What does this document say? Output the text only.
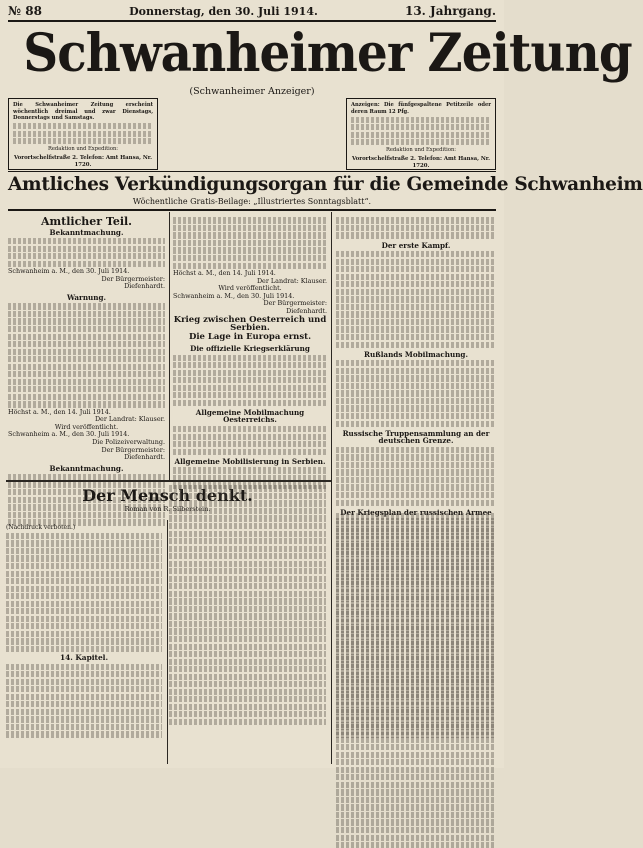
№ 88	Donnerstag, den 30. Juli 1914.	13. Jahrgang.
Schwanheimer Zeitung
(Schwanheimer Anzeiger)
Die Schwanheimer Zeitung erscheint wöchentlich dreimal und zwar Dienstags, Donnerstags und Samstags.
Redaktion und Expedition:
Vorortschelfstraße 2. Telefon: Amt Hansa, Nr. 1720.
Anzeigen: Die fünfgespaltene Petitzeile oder deren Raum 12 Pfg.
Redaktion und Expedition:
Vorortschelfstraße 2. Telefon: Amt Hansa, Nr. 1720.
Amtliches Verkündigungsorgan für die Gemeinde Schwanheim
Wöchentliche Gratis-Beilage: „Illustriertes Sonntagsblatt“.
Amtlicher Teil.
Bekanntmachung.
Schwanheim a. M., den 30. Juli 1914.
Der Bürgermeister:
Diefenhardt.
Warnung.
Höchst a. M., den 14. Juli 1914.
Der Landrat: Klauser.
Wird veröffentlicht.
Schwanheim a. M., den 30. Juli 1914.
Die Polizeiverwaltung.
Der Bürgermeister:
Diefenhardt.
Bekanntmachung.
Höchst a. M., den 14. Juli 1914.
Der Landrat: Klauser.
Wird veröffentlicht.
Schwanheim a. M., den 30. Juli 1914.
Der Bürgermeister:
Diefenhardt.
Krieg zwischen Oesterreich und Serbien.
Die Lage in Europa ernst.
Die offizielle Kriegserklärung
Allgemeine Mobilmachung Oesterreichs.
Allgemeine Mobilisierung in Serbien.
Der erste Kampf.
Rußlands Mobilmachung.
Russische Truppensammlung an der deutschen Grenze.
Der Kriegsplan der russischen Armee
Der Mensch denkt.
Roman von R. Silberstein.
(Nachdruck verboten.)
14. Kapitel.
